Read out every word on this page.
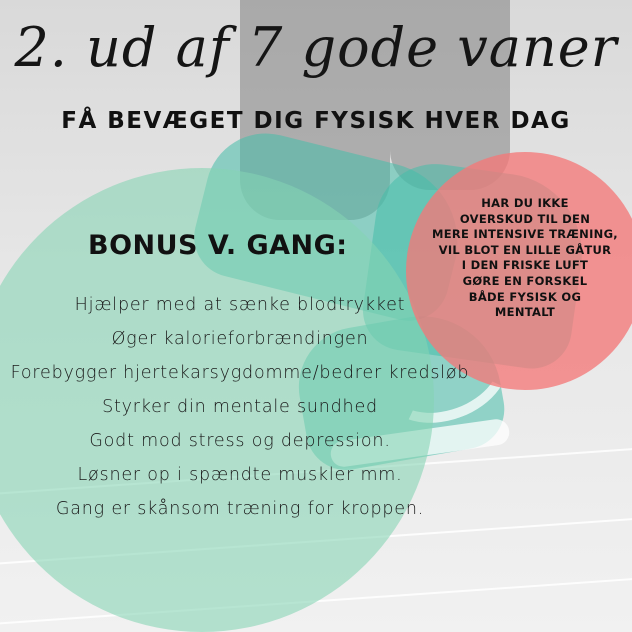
2. ud af 7 gode vaner
FÅ BEVÆGET DIG FYSISK HVER DAG
BONUS V. GANG:
Hjælper med at sænke blodtrykket
Øger kalorieforbrændingen
Forebygger hjertekarsygdomme/bedrer kredsløb
Styrker din mentale sundhed
Godt mod stress og depression.
Løsner op i spændte muskler mm.
Gang er skånsom træning for kroppen.
HAR DU IKKE
OVERSKUD TIL DEN
MERE INTENSIVE TRÆNING,
VIL BLOT EN LILLE GÅTUR
I DEN FRISKE LUFT
GØRE EN FORSKEL
BÅDE FYSISK OG
MENTALT
